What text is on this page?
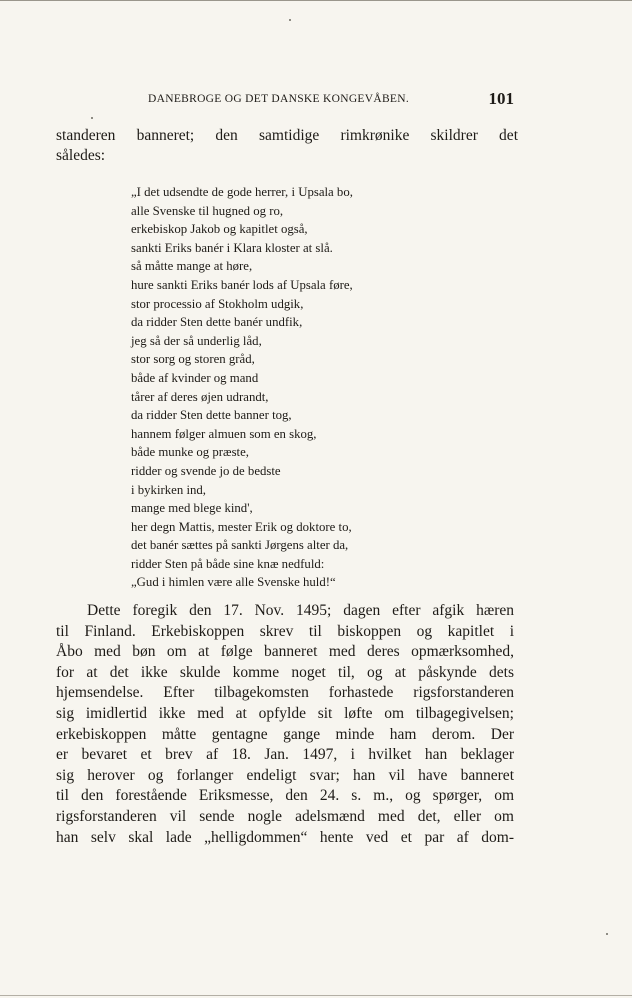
DANEBROGE OG DET DANSKE KONGEVÅBEN.	101
standeren banneret; den samtidige rimkrønike skildrer det
således:
„I det udsendte de gode herrer, i Upsala bo,
alle Svenske til hugned og ro,
erkebiskop Jakob og kapitlet også,
sankti Eriks banér i Klara kloster at slå.
så måtte mange at høre,
hure sankti Eriks banér lods af Upsala føre,
stor processio af Stokholm udgik,
da ridder Sten dette banér undfik,
jeg så der så underlig låd,
stor sorg og storen gråd,
både af kvinder og mand
tårer af deres øjen udrandt,
da ridder Sten dette banner tog,
hannem følger almuen som en skog,
både munke og præste,
ridder og svende jo de bedste
i bykirken ind,
mange med blege kind',
her degn Mattis, mester Erik og doktore to,
det banér sættes på sankti Jørgens alter da,
ridder Sten på både sine knæ nedfuld:
„Gud i himlen være alle Svenske huld!“
Dette foregik den 17. Nov. 1495; dagen efter afgik hæren
til Finland. Erkebiskoppen skrev til biskoppen og kapitlet i
Åbo med bøn om at følge banneret med deres opmærksomhed,
for at det ikke skulde komme noget til, og at påskynde dets
hjemsendelse. Efter tilbagekomsten forhastede rigsforstanderen
sig imidlertid ikke med at opfylde sit løfte om tilbagegivelsen;
erkebiskoppen måtte gentagne gange minde ham derom. Der
er bevaret et brev af 18. Jan. 1497, i hvilket han beklager
sig herover og forlanger endeligt svar; han vil have banneret
til den forestående Eriksmesse, den 24. s. m., og spørger, om
rigsforstanderen vil sende nogle adelsmænd med det, eller om
han selv skal lade „helligdommen“ hente ved et par af dom-
